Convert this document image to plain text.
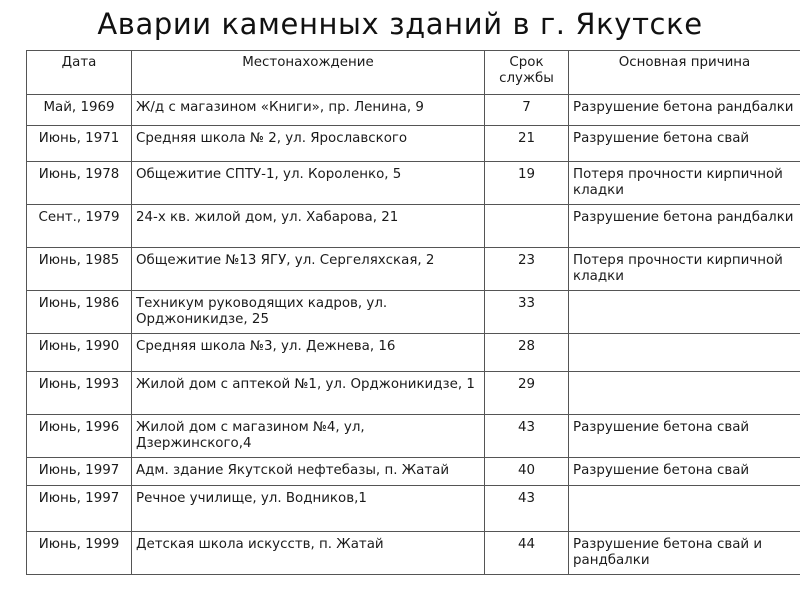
Аварии каменных зданий в г. Якутске
Дата	Местонахождение	Срок службы	Основная причина
Май, 1969	Ж/д с магазином «Книги», пр. Ленина, 9	7	Разрушение бетона рандбалки
Июнь, 1971	Средняя школа № 2, ул. Ярославского	21	Разрушение бетона свай
Июнь, 1978	Общежитие СПТУ-1, ул. Короленко, 5	19	Потеря прочности кирпичной кладки
Сент., 1979	24-х кв. жилой дом, ул. Хабарова, 21		Разрушение бетона рандбалки
Июнь, 1985	Общежитие №13 ЯГУ, ул. Сергеляхская, 2	23	Потеря прочности кирпичной кладки
Июнь, 1986	Техникум руководящих кадров, ул. Орджоникидзе, 25	33	
Июнь, 1990	Средняя школа №3, ул. Дежнева, 16	28	
Июнь, 1993	Жилой дом с аптекой №1, ул. Орджоникидзе, 1	29	
Июнь, 1996	Жилой дом с магазином №4, ул, Дзержинского,4	43	Разрушение бетона свай
Июнь, 1997	Адм. здание Якутской нефтебазы, п. Жатай	40	Разрушение бетона свай
Июнь, 1997	Речное училище, ул. Водников,1	43	
Июнь, 1999	Детская школа искусств, п. Жатай	44	Разрушение бетона свай и рандбалки
